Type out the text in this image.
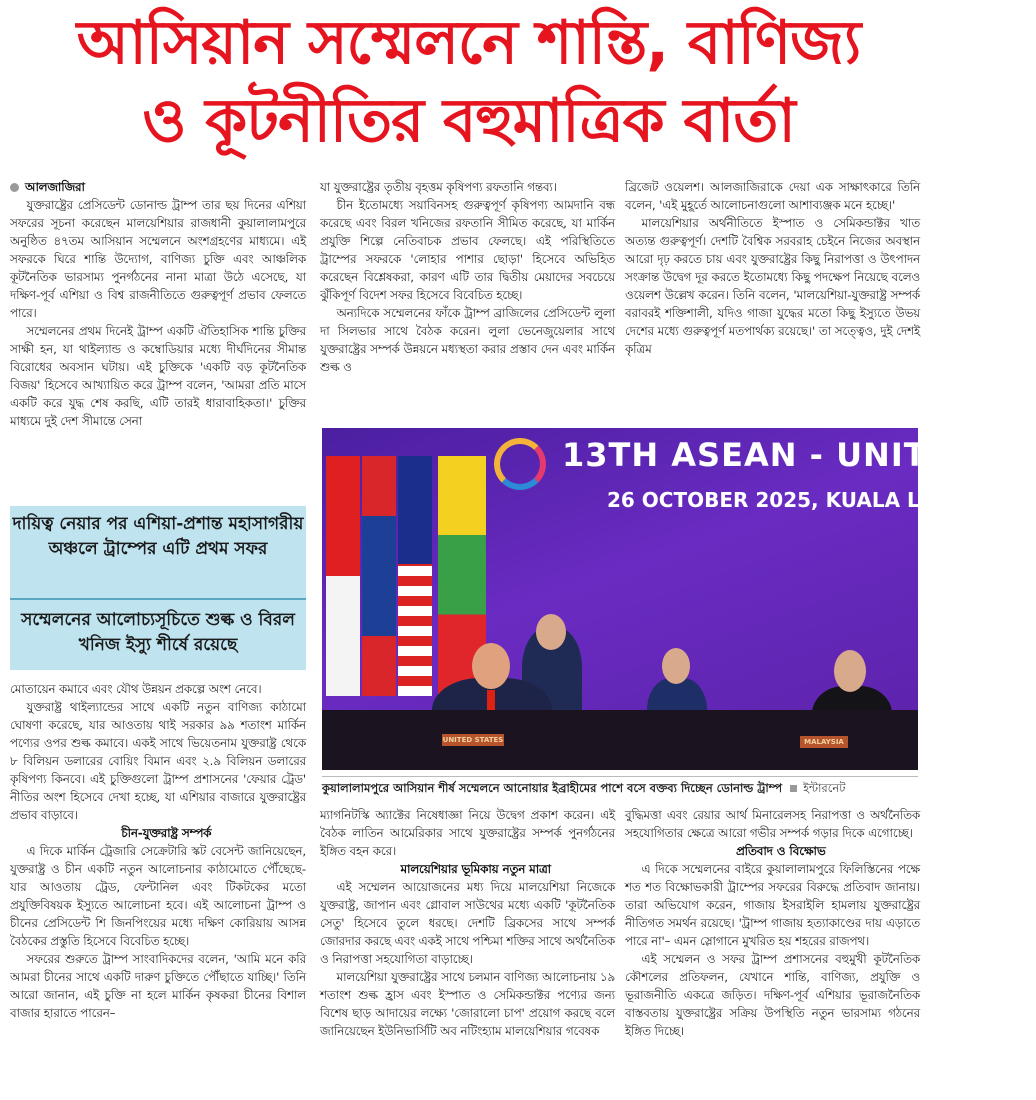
আসিয়ান সম্মেলনে শান্তি, বাণিজ্য
ও কূটনীতির বহুমাত্রিক বার্তা
আলজাজিরা

যুক্তরাষ্ট্রের প্রেসিডেন্ট ডোনাল্ড ট্রাম্প তার ছয় দিনের এশিয়া সফরের সূচনা করেছেন মালয়েশিয়ার রাজধানী কুয়ালালামপুরে অনুষ্ঠিত ৪৭তম আসিয়ান সম্মেলনে অংশগ্রহণের মাধ্যমে। এই সফরকে ঘিরে শান্তি উদ্যোগ, বাণিজ্য চুক্তি এবং আঞ্চলিক কূটনৈতিক ভারসাম্য পুনর্গঠনের নানা মাত্রা উঠে এসেছে, যা দক্ষিণ-পূর্ব এশিয়া ও বিশ্ব রাজনীতিতে গুরুত্বপূর্ণ প্রভাব ফেলতে পারে।

সম্মেলনের প্রথম দিনেই ট্রাম্প একটি ঐতিহাসিক শান্তি চুক্তির সাক্ষী হন, যা থাইল্যান্ড ও কম্বোডিয়ার মধ্যে দীর্ঘদিনের সীমান্ত বিরোধের অবসান ঘটায়। এই চুক্তিকে 'একটি বড় কূটনৈতিক বিজয়' হিসেবে আখ্যায়িত করে ট্রাম্প বলেন, 'আমরা প্রতি মাসে একটি করে যুদ্ধ শেষ করছি, এটি তারই ধারাবাহিকতা।' চুক্তির মাধ্যমে দুই দেশ সীমান্তে সেনা

দায়িত্ব নেয়ার পর এশিয়া-প্রশান্ত মহাসাগরীয় অঞ্চলে ট্রাম্পের এটি প্রথম সফর
সম্মেলনের আলোচ্যসূচিতে শুল্ক ও বিরল খনিজ ইস্যু শীর্ষে রয়েছে

মোতায়েন কমাবে এবং যৌথ উন্নয়ন প্রকল্পে অংশ নেবে।

যুক্তরাষ্ট্র থাইল্যান্ডের সাথে একটি নতুন বাণিজ্য কাঠামো ঘোষণা করেছে, যার আওতায় থাই সরকার ৯৯ শতাংশ মার্কিন পণ্যের ওপর শুল্ক কমাবে। একই সাথে ভিয়েতনাম যুক্তরাষ্ট্র থেকে ৮ বিলিয়ন ডলারের বোয়িং বিমান এবং ২.৯ বিলিয়ন ডলারের কৃষিপণ্য কিনবে। এই চুক্তিগুলো ট্রাম্প প্রশাসনের 'ফেয়ার ট্রেড' নীতির অংশ হিসেবে দেখা হচ্ছে, যা এশিয়ার বাজারে যুক্তরাষ্ট্রের প্রভাব বাড়াবে।

চীন-যুক্তরাষ্ট্র সম্পর্ক

এ দিকে মার্কিন ট্রেজারি সেক্রেটারি স্কট বেসেন্ট জানিয়েছেন, যুক্তরাষ্ট্র ও চীন একটি নতুন আলোচনার কাঠামোতে পৌঁছেছে- যার আওতায় ট্রেড, ফেন্টানিল এবং টিকটকের মতো প্রযুক্তিবিষয়ক ইস্যুতে আলোচনা হবে। এই আলোচনা ট্রাম্প ও চীনের প্রেসিডেন্ট শি জিনপিংয়ের মধ্যে দক্ষিণ কোরিয়ায় আসন্ন বৈঠকের প্রস্তুতি হিসেবে বিবেচিত হচ্ছে।

সফরের শুরুতে ট্রাম্প সাংবাদিকদের বলেন, 'আমি মনে করি আমরা চীনের সাথে একটি দারুণ চুক্তিতে পৌঁছাতে যাচ্ছি।' তিনি আরো জানান, এই চুক্তি না হলে মার্কিন কৃষকরা চীনের বিশাল বাজার হারাতে পারেন–

যা যুক্তরাষ্ট্রের তৃতীয় বৃহত্তম কৃষিপণ্য রফতানি গন্তব্য।

চীন ইতোমধ্যে সয়াবিনসহ গুরুত্বপূর্ণ কৃষিপণ্য আমদানি বন্ধ করেছে এবং বিরল খনিজের রফতানি সীমিত করেছে, যা মার্কিন প্রযুক্তি শিল্পে নেতিবাচক প্রভাব ফেলছে। এই পরিস্থিতিতে ট্রাম্পের সফরকে 'লোহার পাশার ছোড়া' হিসেবে অভিহিত করেছেন বিশ্লেষকরা, কারণ এটি তার দ্বিতীয় মেয়াদের সবচেয়ে ঝুঁকিপূর্ণ বিদেশ সফর হিসেবে বিবেচিত হচ্ছে।

অন্যদিকে সম্মেলনের ফাঁকে ট্রাম্প ব্রাজিলের প্রেসিডেন্ট লুলা দা সিলভার সাথে বৈঠক করেন। লুলা ভেনেজুয়েলার সাথে যুক্তরাষ্ট্রের সম্পর্ক উন্নয়নে মধ্যস্থতা করার প্রস্তাব দেন এবং মার্কিন শুল্ক ও

ব্রিজেট ওয়েলশ। আলজাজিরাকে দেয়া এক সাক্ষাৎকারে তিনি বলেন, 'এই মুহূর্তে আলোচনাগুলো আশাব্যঞ্জক মনে হচ্ছে।'

মালয়েশিয়ার অর্থনীতিতে ইস্পাত ও সেমিকন্ডাক্টর খাত অত্যন্ত গুরুত্বপূর্ণ। দেশটি বৈশ্বিক সরবরাহ চেইনে নিজের অবস্থান আরো দৃঢ় করতে চায় এবং যুক্তরাষ্ট্রের কিছু নিরাপত্তা ও উৎপাদন সংক্রান্ত উদ্বেগ দূর করতে ইতোমধ্যে কিছু পদক্ষেপ নিয়েছে বলেও ওয়েলশ উল্লেখ করেন। তিনি বলেন, 'মালয়েশিয়া-যুক্তরাষ্ট্র সম্পর্ক বরাবরই শক্তিশালী, যদিও গাজা যুদ্ধের মতো কিছু ইস্যুতে উভয় দেশের মধ্যে গুরুত্বপূর্ণ মতপার্থক্য রয়েছে।' তা সত্ত্বেও, দুই দেশই কৃত্রিম

13TH ASEAN - UNITED ST
26 OCTOBER 2025, KUALA LUN
UNITED STATES	MALAYSIA
কুয়ালালামপুরে আসিয়ান শীর্ষ সম্মেলনে আনোয়ার ইব্রাহীমের পাশে বসে বক্তব্য দিচ্ছেন ডোনাল্ড ট্রাম্প ইন্টারনেট

ম্যাগনিটস্কি অ্যাক্টের নিষেধাজ্ঞা নিয়ে উদ্বেগ প্রকাশ করেন। এই বৈঠক লাতিন আমেরিকার সাথে যুক্তরাষ্ট্রের সম্পর্ক পুনর্গঠনের ইঙ্গিত বহন করে।

মালয়েশিয়ার ভূমিকায় নতুন মাত্রা

এই সম্মেলন আয়োজনের মধ্য দিয়ে মালয়েশিয়া নিজেকে যুক্তরাষ্ট্র, জাপান এবং গ্লোবাল সাউথের মধ্যে একটি 'কূটনৈতিক সেতু' হিসেবে তুলে ধরছে। দেশটি ব্রিকসের সাথে সম্পর্ক জোরদার করছে এবং একই সাথে পশ্চিমা শক্তির সাথে অর্থনৈতিক ও নিরাপত্তা সহযোগিতা বাড়াচ্ছে।

মালয়েশিয়া যুক্তরাষ্ট্রের সাথে চলমান বাণিজ্য আলোচনায় ১৯ শতাংশ শুল্ক হ্রাস এবং ইস্পাত ও সেমিকন্ডাক্টর পণ্যের জন্য বিশেষ ছাড় আদায়ের লক্ষ্যে 'জোরালো চাপ' প্রয়োগ করছে বলে জানিয়েছেন ইউনিভার্সিটি অব নটিংহ্যাম মালয়েশিয়ার গবেষক

বুদ্ধিমত্তা এবং রেয়ার আর্থ মিনারেলসহ নিরাপত্তা ও অর্থনৈতিক সহযোগিতার ক্ষেত্রে আরো গভীর সম্পর্ক গড়ার দিকে এগোচ্ছে।

প্রতিবাদ ও বিক্ষোভ

এ দিকে সম্মেলনের বাইরে কুয়ালালামপুরে ফিলিস্তিনের পক্ষে শত শত বিক্ষোভকারী ট্রাম্পের সফরের বিরুদ্ধে প্রতিবাদ জানায়। তারা অভিযোগ করেন, গাজায় ইসরাইলি হামলায় যুক্তরাষ্ট্রের নীতিগত সমর্থন রয়েছে। 'ট্রাম্প গাজায় হত্যাকাণ্ডের দায় এড়াতে পারে না'– এমন স্লোগানে মুখরিত হয় শহরের রাজপথ।

এই সম্মেলন ও সফর ট্রাম্প প্রশাসনের বহুমুখী কূটনৈতিক কৌশলের প্রতিফলন, যেখানে শান্তি, বাণিজ্য, প্রযুক্তি ও ভূরাজনীতি একত্রে জড়িত। দক্ষিণ-পূর্ব এশিয়ার ভূরাজনৈতিক বাস্তবতায় যুক্তরাষ্ট্রের সক্রিয় উপস্থিতি নতুন ভারসাম্য গঠনের ইঙ্গিত দিচ্ছে।
